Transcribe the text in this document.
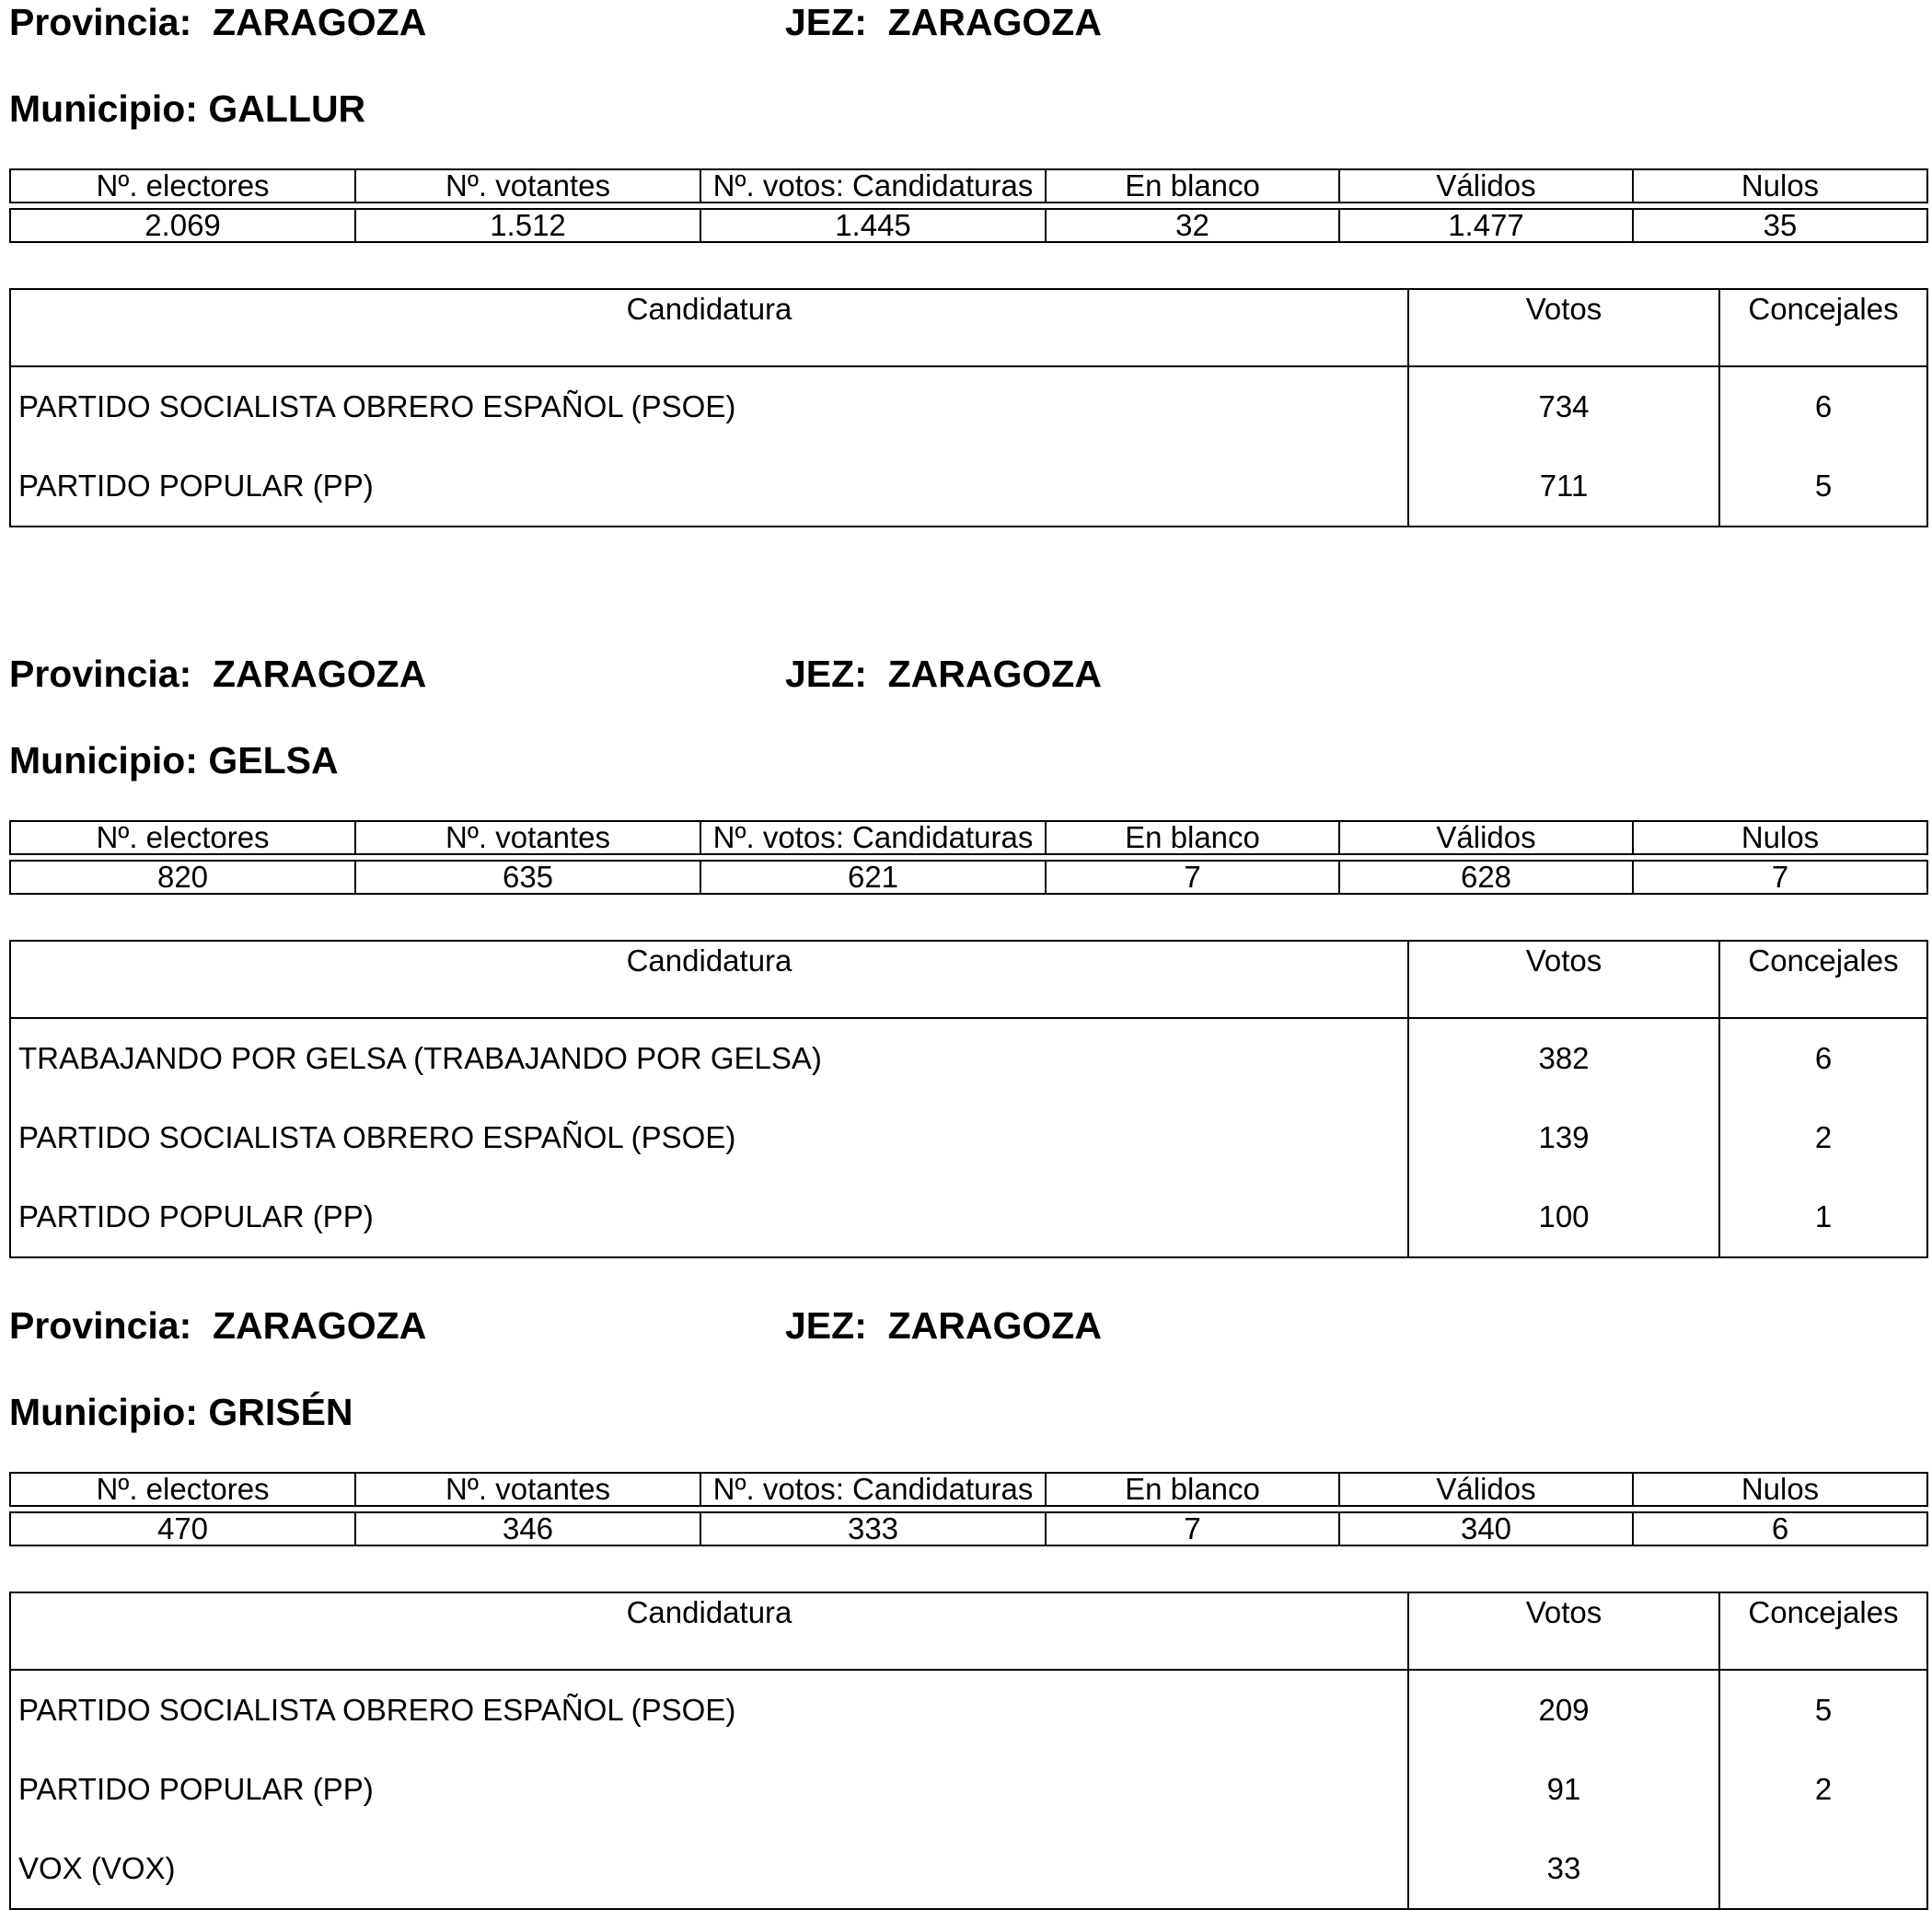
Provincia:  ZARAGOZA	JEZ:  ZARAGOZA
Municipio: GALLUR
Nº. electores	Nº. votantes	Nº. votos: Candidaturas	En blanco	Válidos	Nulos
2.069	1.512	1.445	32	1.477	35
Candidatura	Votos	Concejales
PARTIDO SOCIALISTA OBRERO ESPAÑOL (PSOE)	734	6
PARTIDO POPULAR (PP)	711	5
Provincia:  ZARAGOZA	JEZ:  ZARAGOZA
Municipio: GELSA
Nº. electores	Nº. votantes	Nº. votos: Candidaturas	En blanco	Válidos	Nulos
820	635	621	7	628	7
Candidatura	Votos	Concejales
TRABAJANDO POR GELSA (TRABAJANDO POR GELSA)	382	6
PARTIDO SOCIALISTA OBRERO ESPAÑOL (PSOE)	139	2
PARTIDO POPULAR (PP)	100	1
Provincia:  ZARAGOZA	JEZ:  ZARAGOZA
Municipio: GRISÉN
Nº. electores	Nº. votantes	Nº. votos: Candidaturas	En blanco	Válidos	Nulos
470	346	333	7	340	6
Candidatura	Votos	Concejales
PARTIDO SOCIALISTA OBRERO ESPAÑOL (PSOE)	209	5
PARTIDO POPULAR (PP)	91	2
VOX (VOX)	33	
